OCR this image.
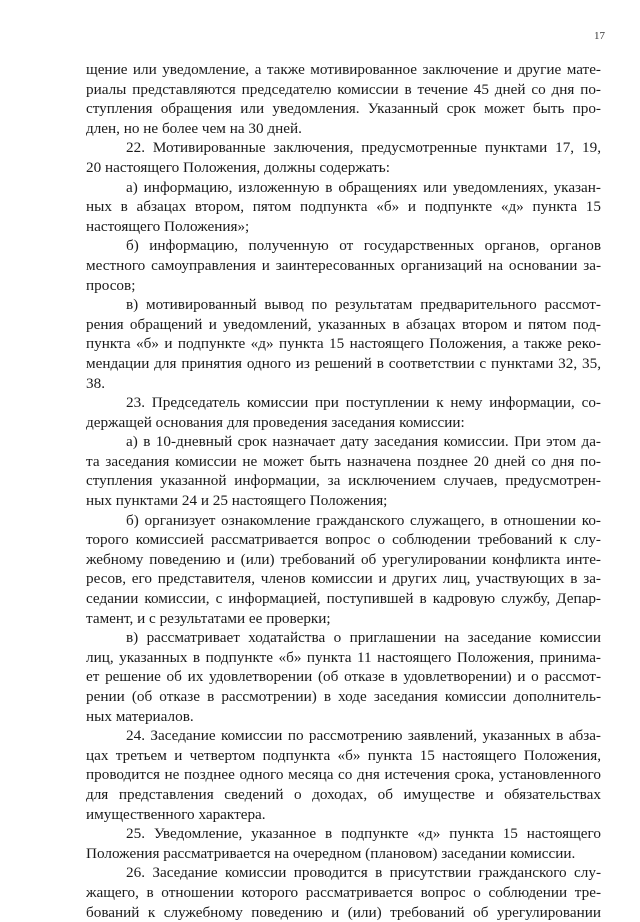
17
щение или уведомление, а также мотивированное заключение и другие мате-
риалы представляются председателю комиссии в течение 45 дней со дня по-
ступления обращения или уведомления. Указанный срок может быть про-
длен, но не более чем на 30 дней.
22. Мотивированные заключения, предусмотренные пунктами 17, 19,
20 настоящего Положения, должны содержать:
а) информацию, изложенную в обращениях или уведомлениях, указан-
ных в абзацах втором, пятом подпункта «б» и подпункте «д» пункта 15
настоящего Положения»;
б) информацию, полученную от государственных органов, органов
местного самоуправления и заинтересованных организаций на основании за-
просов;
в) мотивированный вывод по результатам предварительного рассмот-
рения обращений и уведомлений, указанных в абзацах втором и пятом под-
пункта «б» и подпункте «д» пункта 15 настоящего Положения, а также реко-
мендации для принятия одного из решений в соответствии с пунктами 32, 35,
38.
23. Председатель комиссии при поступлении к нему информации, со-
держащей основания для проведения заседания комиссии:
а) в 10-дневный срок назначает дату заседания комиссии. При этом да-
та заседания комиссии не может быть назначена позднее 20 дней со дня по-
ступления указанной информации, за исключением случаев, предусмотрен-
ных пунктами 24 и 25 настоящего Положения;
б) организует ознакомление гражданского служащего, в отношении ко-
торого комиссией рассматривается вопрос о соблюдении требований к слу-
жебному поведению и (или) требований об урегулировании конфликта инте-
ресов, его представителя, членов комиссии и других лиц, участвующих в за-
седании комиссии, с информацией, поступившей в кадровую службу, Депар-
тамент, и с результатами ее проверки;
в) рассматривает ходатайства о приглашении на заседание комиссии
лиц, указанных в подпункте «б» пункта 11 настоящего Положения, принима-
ет решение об их удовлетворении (об отказе в удовлетворении) и о рассмот-
рении (об отказе в рассмотрении) в ходе заседания комиссии дополнитель-
ных материалов.
24. Заседание комиссии по рассмотрению заявлений, указанных в абза-
цах третьем и четвертом подпункта «б» пункта 15 настоящего Положения,
проводится не позднее одного месяца со дня истечения срока, установленного
для представления сведений о доходах, об имуществе и обязательствах
имущественного характера.
25. Уведомление, указанное в подпункте «д» пункта 15 настоящего
Положения рассматривается на очередном (плановом) заседании комиссии.
26. Заседание комиссии проводится в присутствии гражданского слу-
жащего, в отношении которого рассматривается вопрос о соблюдении тре-
бований к служебному поведению и (или) требований об урегулировании
